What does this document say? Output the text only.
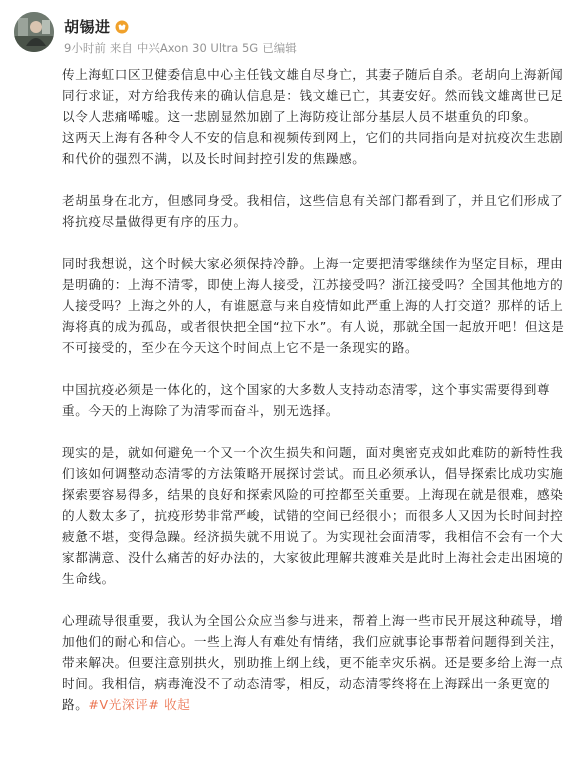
胡锡进
9小时前 来自 中兴Axon 30 Ultra 5G 已编辑

传上海虹口区卫健委信息中心主任钱文雄自尽身亡，其妻子随后自杀。老胡向上海新闻同行求证，对方给我传来的确认信息是：钱文雄已亡，其妻安好。然而钱文雄离世已足以令人悲痛唏嘘。这一悲剧显然加剧了上海防疫让部分基层人员不堪重负的印象。

这两天上海有各种令人不安的信息和视频传到网上，它们的共同指向是对抗疫次生悲剧和代价的强烈不满，以及长时间封控引发的焦躁感。

老胡虽身在北方，但感同身受。我相信，这些信息有关部门都看到了，并且它们形成了将抗疫尽量做得更有序的压力。

同时我想说，这个时候大家必须保持冷静。上海一定要把清零继续作为坚定目标，理由是明确的：上海不清零，即使上海人接受，江苏接受吗？浙江接受吗？全国其他地方的人接受吗？上海之外的人，有谁愿意与来自疫情如此严重上海的人打交道？那样的话上海将真的成为孤岛，或者很快把全国“拉下水”。有人说，那就全国一起放开吧！但这是不可接受的，至少在今天这个时间点上它不是一条现实的路。

中国抗疫必须是一体化的，这个国家的大多数人支持动态清零，这个事实需要得到尊重。今天的上海除了为清零而奋斗，别无选择。

现实的是，就如何避免一个又一个次生损失和问题，面对奥密克戎如此难防的新特性我们该如何调整动态清零的方法策略开展探讨尝试。而且必须承认，倡导探索比成功实施探索要容易得多，结果的良好和探索风险的可控都至关重要。上海现在就是很难，感染的人数太多了，抗疫形势非常严峻，试错的空间已经很小；而很多人又因为长时间封控疲惫不堪，变得急躁。经济损失就不用说了。为实现社会面清零，我相信不会有一个大家都满意、没什么痛苦的好办法的，大家彼此理解共渡难关是此时上海社会走出困境的生命线。

心理疏导很重要，我认为全国公众应当参与进来，帮着上海一些市民开展这种疏导，增加他们的耐心和信心。一些上海人有难处有情绪，我们应就事论事帮着问题得到关注，带来解决。但要注意别拱火，别助推上纲上线，更不能幸灾乐祸。还是要多给上海一点时间。我相信，病毒淹没不了动态清零，相反，动态清零终将在上海踩出一条更宽的路。#V光深评# 收起
